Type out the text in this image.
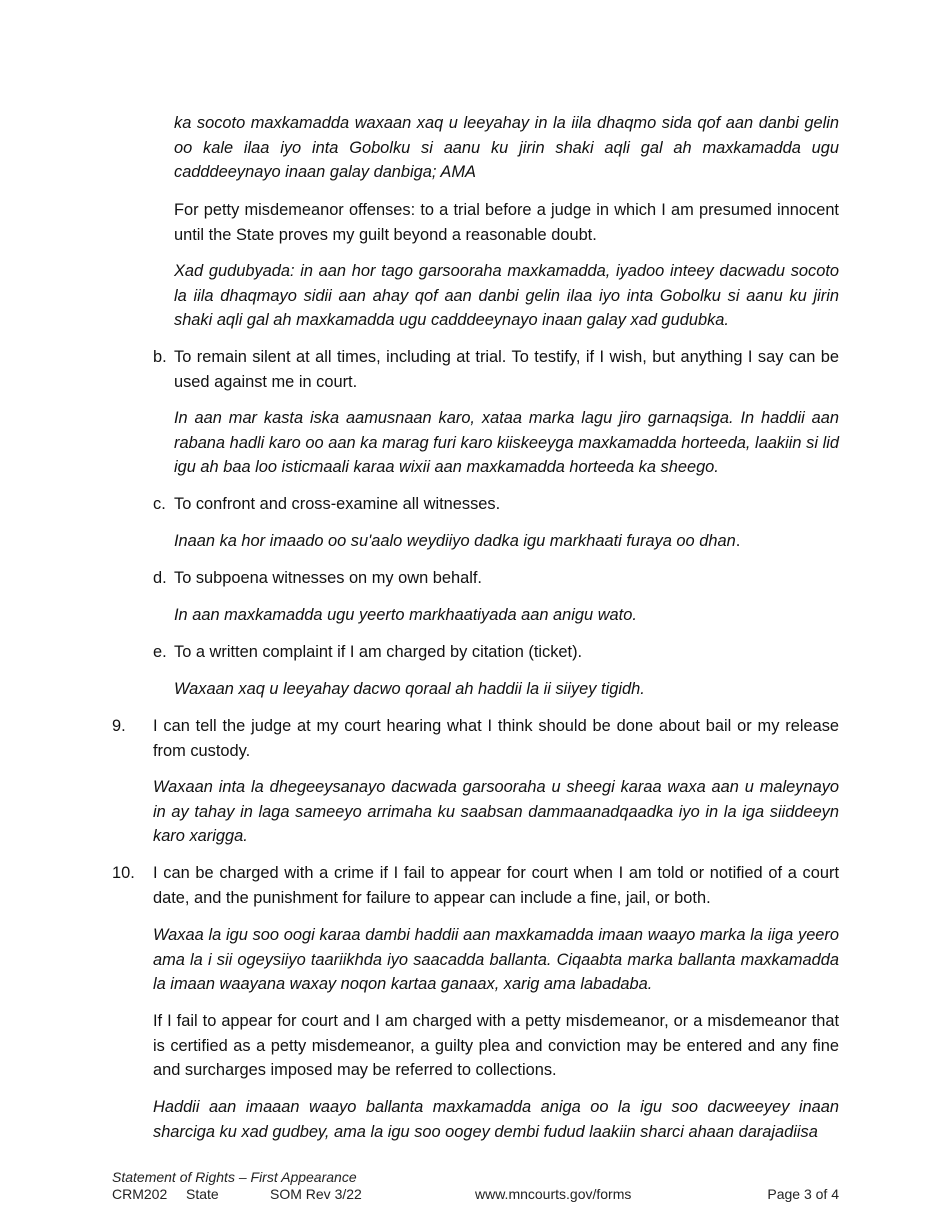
ka socoto maxkamadda waxaan xaq u leeyahay in la iila dhaqmo sida qof aan danbi gelin oo kale ilaa iyo inta Gobolku si aanu ku jirin shaki aqli gal ah maxkamadda ugu cadddeeynayo inaan galay danbiga; AMA

For petty misdemeanor offenses: to a trial before a judge in which I am presumed innocent until the State proves my guilt beyond a reasonable doubt.

Xad gudubyada: in aan hor tago garsooraha maxkamadda, iyadoo inteey dacwadu socoto la iila dhaqmayo sidii aan ahay qof aan danbi gelin ilaa iyo inta Gobolku si aanu ku jirin shaki aqli gal ah maxkamadda ugu cadddeeynayo inaan galay xad gudubka.

b. To remain silent at all times, including at trial. To testify, if I wish, but anything I say can be used against me in court.

In aan mar kasta iska aamusnaan karo, xataa marka lagu jiro garnaqsiga. In haddii aan rabana hadli karo oo aan ka marag furi karo kiiskeeyga maxkamadda horteeda, laakiin si lid igu ah baa loo isticmaali karaa wixii aan maxkamadda horteeda ka sheego.

c. To confront and cross-examine all witnesses.

Inaan ka hor imaado oo su'aalo weydiiyo dadka igu markhaati furaya oo dhan.

d. To subpoena witnesses on my own behalf.

In aan maxkamadda ugu yeerto markhaatiyada aan anigu wato.

e. To a written complaint if I am charged by citation (ticket).

Waxaan xaq u leeyahay dacwo qoraal ah haddii la ii siiyey tigidh.

9. I can tell the judge at my court hearing what I think should be done about bail or my release from custody.

Waxaan inta la dhegeeysanayo dacwada garsooraha u sheegi karaa waxa aan u maleynayo in ay tahay in laga sameeyo arrimaha ku saabsan dammaanadqaadka iyo in la iga siiddeeyn karo xarigga.

10. I can be charged with a crime if I fail to appear for court when I am told or notified of a court date, and the punishment for failure to appear can include a fine, jail, or both.

Waxaa la igu soo oogi karaa dambi haddii aan maxkamadda imaan waayo marka la iiga yeero ama la i sii ogeysiiyo taariikhda iyo saacadda ballanta. Ciqaabta marka ballanta maxkamadda la imaan waayana waxay noqon kartaa ganaax, xarig ama labadaba.

If I fail to appear for court and I am charged with a petty misdemeanor, or a misdemeanor that is certified as a petty misdemeanor, a guilty plea and conviction may be entered and any fine and surcharges imposed may be referred to collections.

Haddii aan imaaan waayo ballanta maxkamadda aniga oo la igu soo dacweeyey inaan sharciga ku xad gudbey, ama la igu soo oogey dembi fudud laakiin sharci ahaan darajadiisa

Statement of Rights – First Appearance
CRM202 State	SOM Rev 3/22	www.mncourts.gov/forms	Page 3 of 4
